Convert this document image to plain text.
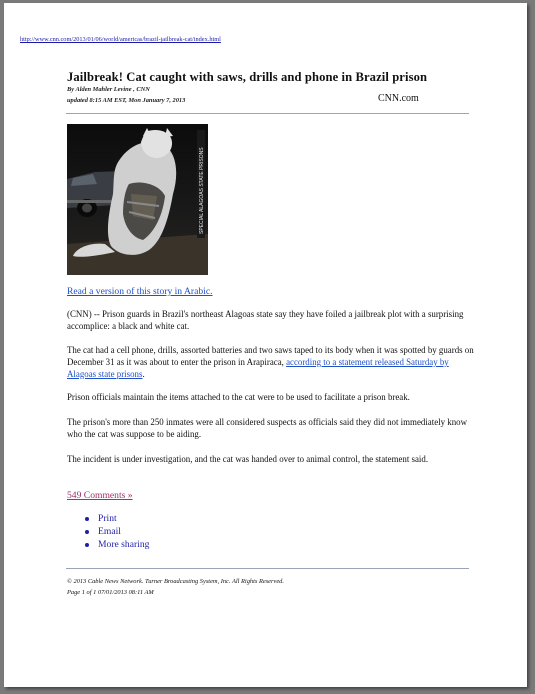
http://www.cnn.com/2013/01/06/world/americas/brazil-jailbreak-cat/index.html
Jailbreak! Cat caught with saws, drills and phone in Brazil prison
By Alden Mahler Levine , CNN
updated 8:15 AM EST, Mon January 7, 2013	CNN.com
SPECIAL ALAGOAS STATE PRISONS
Read a version of this story in Arabic.
(CNN) -- Prison guards in Brazil's northeast Alagoas state say they have foiled a jailbreak plot with a surprising accomplice: a black and white cat.
The cat had a cell phone, drills, assorted batteries and two saws taped to its body when it was spotted by guards on December 31 as it was about to enter the prison in Arapiraca, according to a statement released Saturday by Alagoas state prisons.
Prison officials maintain the items attached to the cat were to be used to facilitate a prison break.
The prison's more than 250 inmates were all considered suspects as officials said they did not immediately know who the cat was suppose to be aiding.
The incident is under investigation, and the cat was handed over to animal control, the statement said.
549 Comments »
Print
Email
More sharing
© 2013 Cable News Network. Turner Broadcasting System, Inc. All Rights Reserved.
Page 1 of 1 07/01/2013 08:11 AM
